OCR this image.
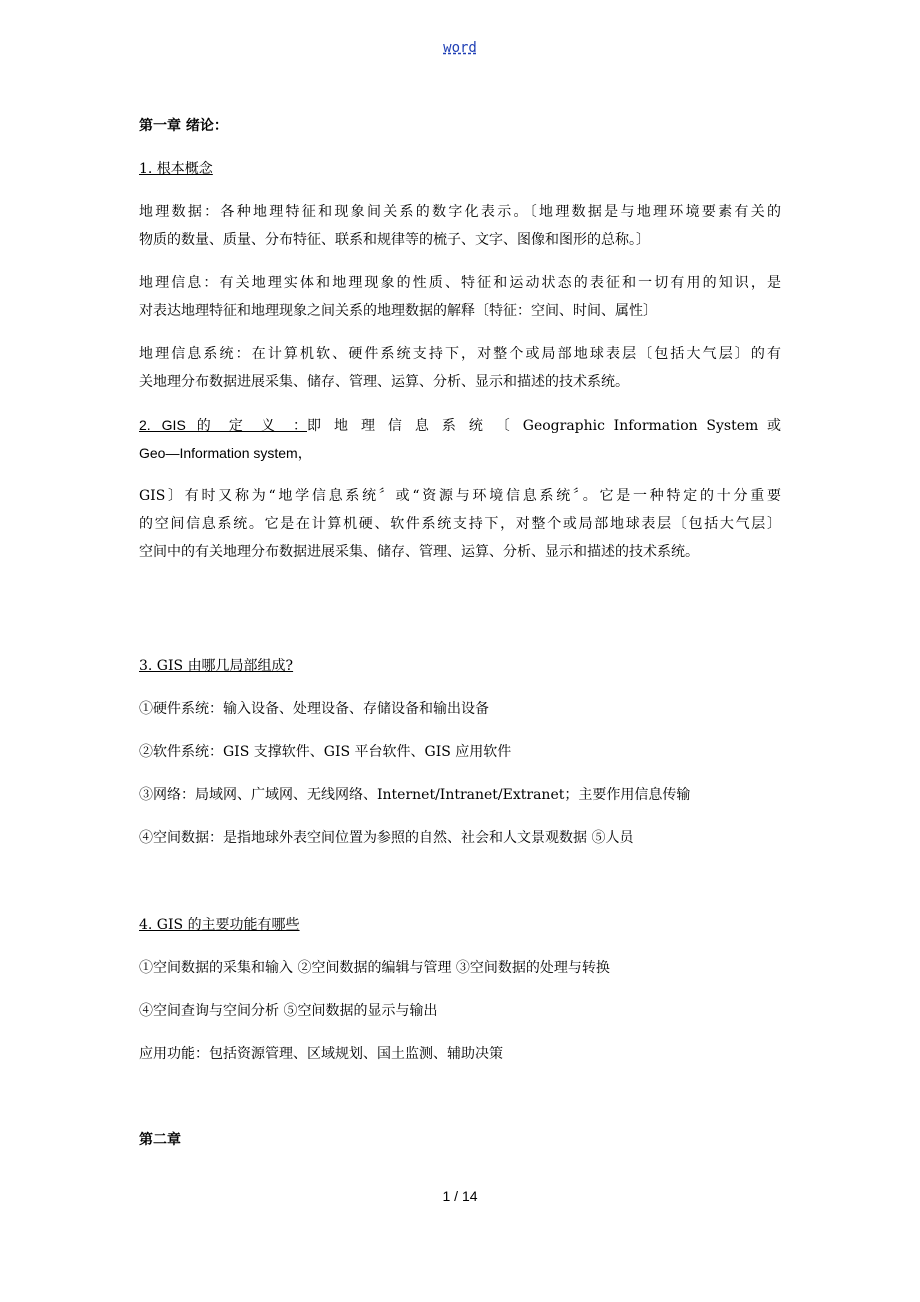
word
第一章 绪论：
1. 根本概念
地理数据：各种地理特征和现象间关系的数字化表示。〔地理数据是与地理环境要素有关的
物质的数量、质量、分布特征、联系和规律等的梳子、文字、图像和图形的总称。〕
地理信息：有关地理实体和地理现象的性质、特征和运动状态的表征和一切有用的知识，是
对表达地理特征和地理现象之间关系的地理数据的解释〔特征：空间、时间、属性〕
地理信息系统：在计算机软、硬件系统支持下，对整个或局部地球表层〔包括大气层〕的有
关地理分布数据进展采集、储存、管理、运算、分析、显示和描述的技术系统。
2. GIS 的 定 义 ：即 地 理 信 息 系 统 〔 Geographic Information System 或
Geo—Information system，
GIS〕有时又称为“地学信息系统〞或“资源与环境信息系统〞。它是一种特定的十分重要
的空间信息系统。它是在计算机硬、软件系统支持下，对整个或局部地球表层〔包括大气层〕
空间中的有关地理分布数据进展采集、储存、管理、运算、分析、显示和描述的技术系统。
3. GIS 由哪几局部组成?
①硬件系统：输入设备、处理设备、存储设备和输出设备
②软件系统：GIS 支撑软件、GIS 平台软件、GIS 应用软件
③网络：局域网、广域网、无线网络、Internet/Intranet/Extranet；主要作用信息传输
④空间数据：是指地球外表空间位置为参照的自然、社会和人文景观数据 ⑤人员
4. GIS 的主要功能有哪些
①空间数据的采集和输入 ②空间数据的编辑与管理 ③空间数据的处理与转换
④空间查询与空间分析 ⑤空间数据的显示与输出
应用功能：包括资源管理、区域规划、国土监测、辅助决策
第二章
1 / 14
